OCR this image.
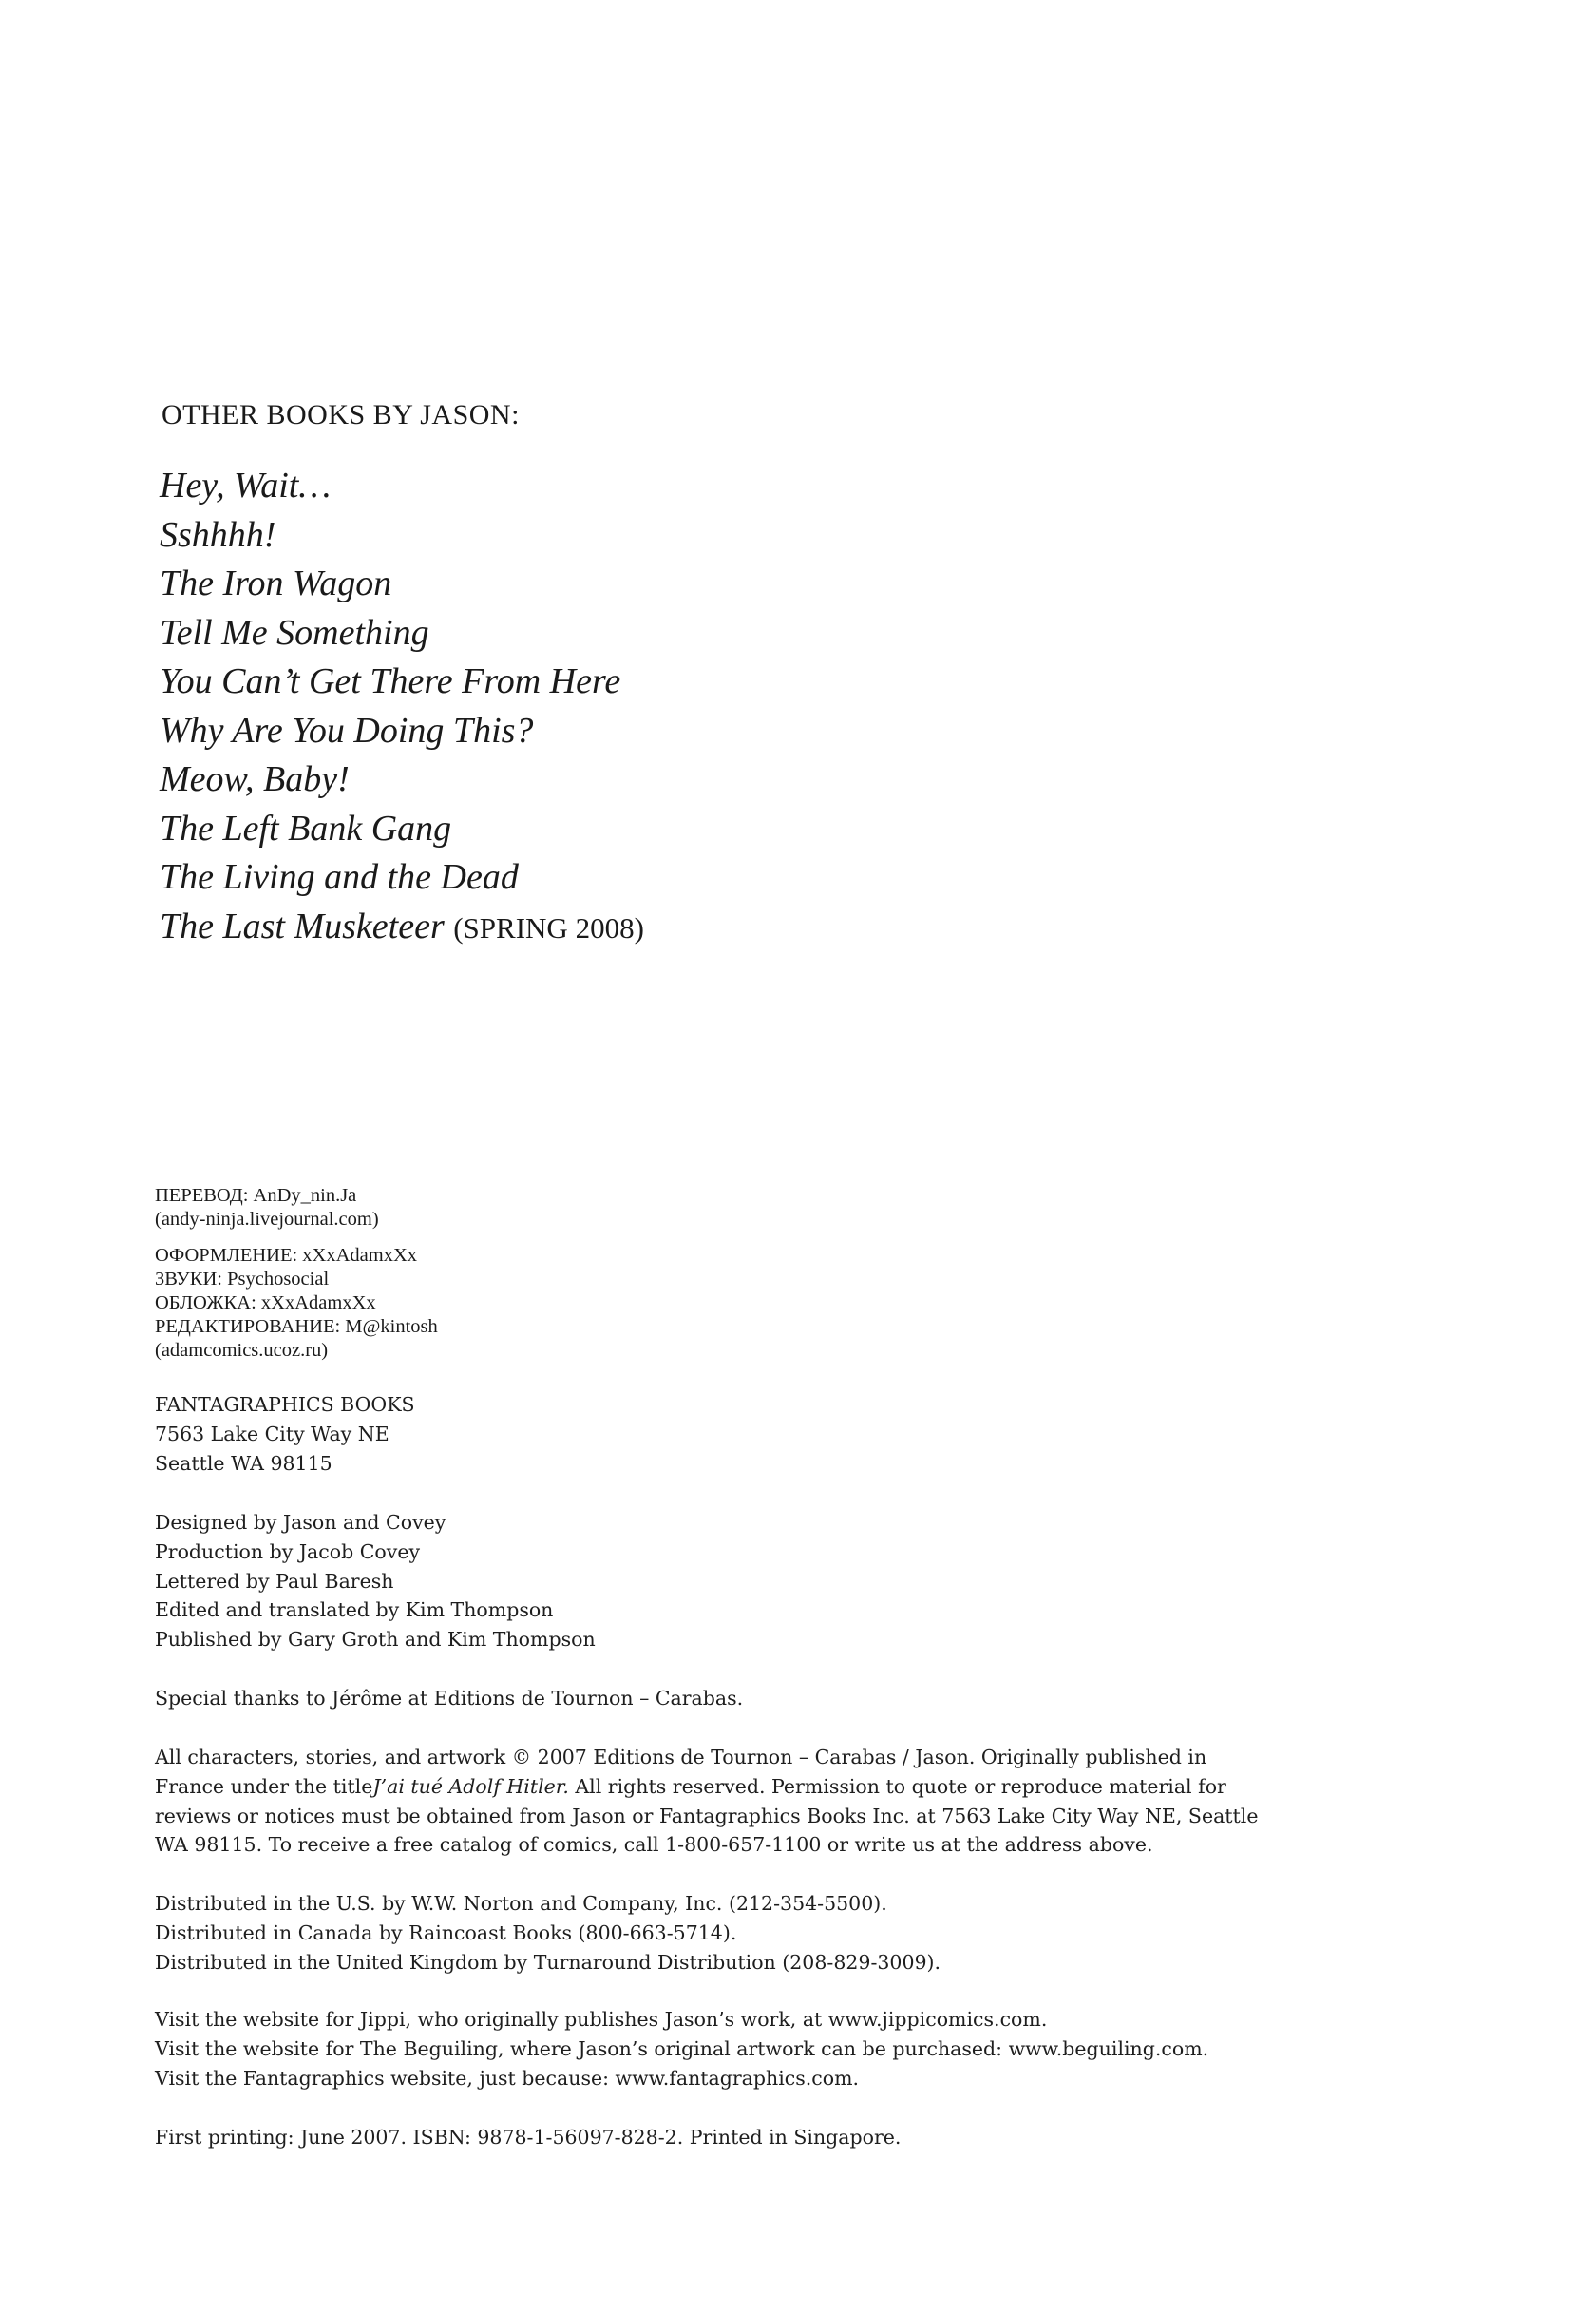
OTHER BOOKS BY JASON:
Hey, Wait…
Sshhhh!
The Iron Wagon
Tell Me Something
You Can’t Get There From Here
Why Are You Doing This?
Meow, Baby!
The Left Bank Gang
The Living and the Dead
The Last Musketeer (SPRING 2008)
ПЕРЕВОД: AnDy_nin.Ja
(andy-ninja.livejournal.com)
ОФОРМЛЕНИЕ: xXxAdamxXx
ЗВУКИ: Psychosocial
ОБЛОЖКА: xXxAdamxXx
РЕДАКТИРОВАНИЕ: M@kintosh
(adamcomics.ucoz.ru)
FANTAGRAPHICS BOOKS
7563 Lake City Way NE
Seattle WA 98115
Designed by Jason and Covey
Production by Jacob Covey
Lettered by Paul Baresh
Edited and translated by Kim Thompson
Published by Gary Groth and Kim Thompson
Special thanks to Jérôme at Editions de Tournon – Carabas.
All characters, stories, and artwork © 2007 Editions de Tournon – Carabas / Jason. Originally published in
France under the titleJ’ai tué Adolf Hitler. All rights reserved. Permission to quote or reproduce material for
reviews or notices must be obtained from Jason or Fantagraphics Books Inc. at 7563 Lake City Way NE, Seattle
WA 98115. To receive a free catalog of comics, call 1-800-657-1100 or write us at the address above.
Distributed in the U.S. by W.W. Norton and Company, Inc. (212-354-5500).
Distributed in Canada by Raincoast Books (800-663-5714).
Distributed in the United Kingdom by Turnaround Distribution (208-829-3009).
Visit the website for Jippi, who originally publishes Jason’s work, at www.jippicomics.com.
Visit the website for The Beguiling, where Jason’s original artwork can be purchased: www.beguiling.com.
Visit the Fantagraphics website, just because: www.fantagraphics.com.
First printing: June 2007. ISBN: 9878-1-56097-828-2. Printed in Singapore.
